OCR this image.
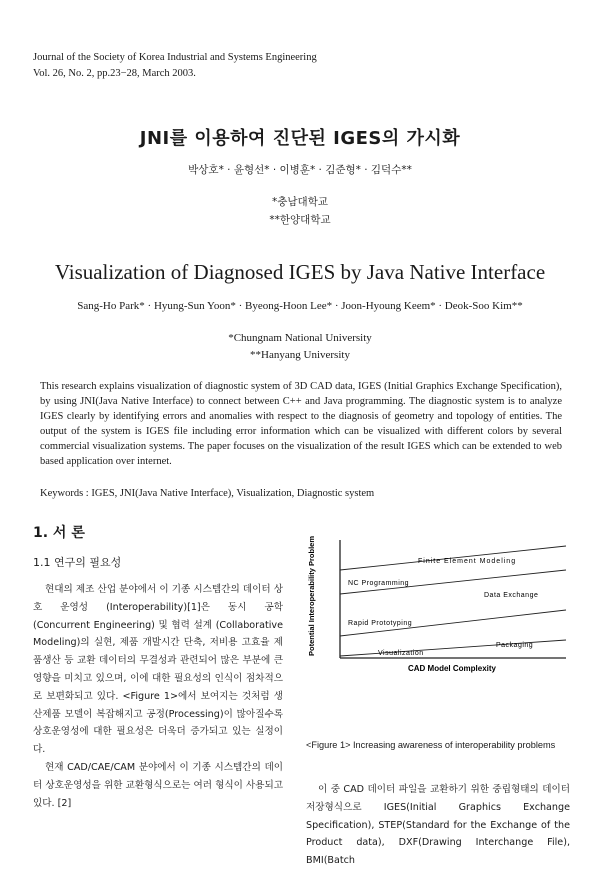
Journal of the Society of Korea Industrial and Systems Engineering
Vol. 26, No. 2, pp.23−28, March 2003.
JNI를 이용하여 진단된 IGES의 가시화
박상호* · 윤형선* · 이병훈* · 김준형* · 김덕수**
*충남대학교
**한양대학교
Visualization of Diagnosed IGES by Java Native Interface
Sang-Ho Park* · Hyung-Sun Yoon* · Byeong-Hoon Lee* · Joon-Hyoung Keem* · Deok-Soo Kim**
*Chungnam National University
**Hanyang University
This research explains visualization of diagnostic system of 3D CAD data, IGES (Initial Graphics Exchange Specification), by using JNI(Java Native Interface) to connect between C++ and Java programming. The diagnostic system is to analyze IGES clearly by identifying errors and anomalies with respect to the diagnosis of geometry and topology of entities. The output of the system is IGES file including error information which can be visualized with different colors by several commercial visualization systems. The paper focuses on the visualization of the result IGES which can be extended to web based application over internet.
Keywords : IGES, JNI(Java Native Interface), Visualization, Diagnostic system
1. 서 론
1.1 연구의 필요성

현대의 제조 산업 분야에서 이 기종 시스템간의 데이터 상호 운영성 (Interoperability)[1]은 동시 공학 (Concurrent Engineering) 및 협력 설계 (Collaborative Modeling)의 실현, 제품 개발시간 단축, 저비용 고효율 제품생산 등 교환 데이터의 무결성과 관련되어 많은 부분에 큰 영향을 미치고 있으며, 이에 대한 필요성의 인식이 점차적으로 보편화되고 있다. <Figure 1>에서 보여지는 것처럼 생산제품 모델이 복잡해지고 공정(Processing)이 많아질수록 상호운영성에 대한 필요성은 더욱더 증가되고 있는 실정이다.

현재 CAD/CAE/CAM 분야에서 이 기종 시스템간의 데이터 상호운영성을 위한 교환형식으로는 여러 형식이 사용되고 있다. [2]

Potential Interoperability Problem	Finite Element Modeling
NC Programming
Data Exchange
Rapid Prototyping
Packaging
Visualization
CAD Model Complexity
<Figure 1> Increasing awareness of interoperability problems

이 중 CAD 데이터 파일을 교환하기 위한 중립형태의 데이터 저장형식으로 IGES(Initial Graphics Exchange Specification), STEP(Standard for the Exchange of the Product data), DXF(Drawing Interchange File), BMI(Batch
